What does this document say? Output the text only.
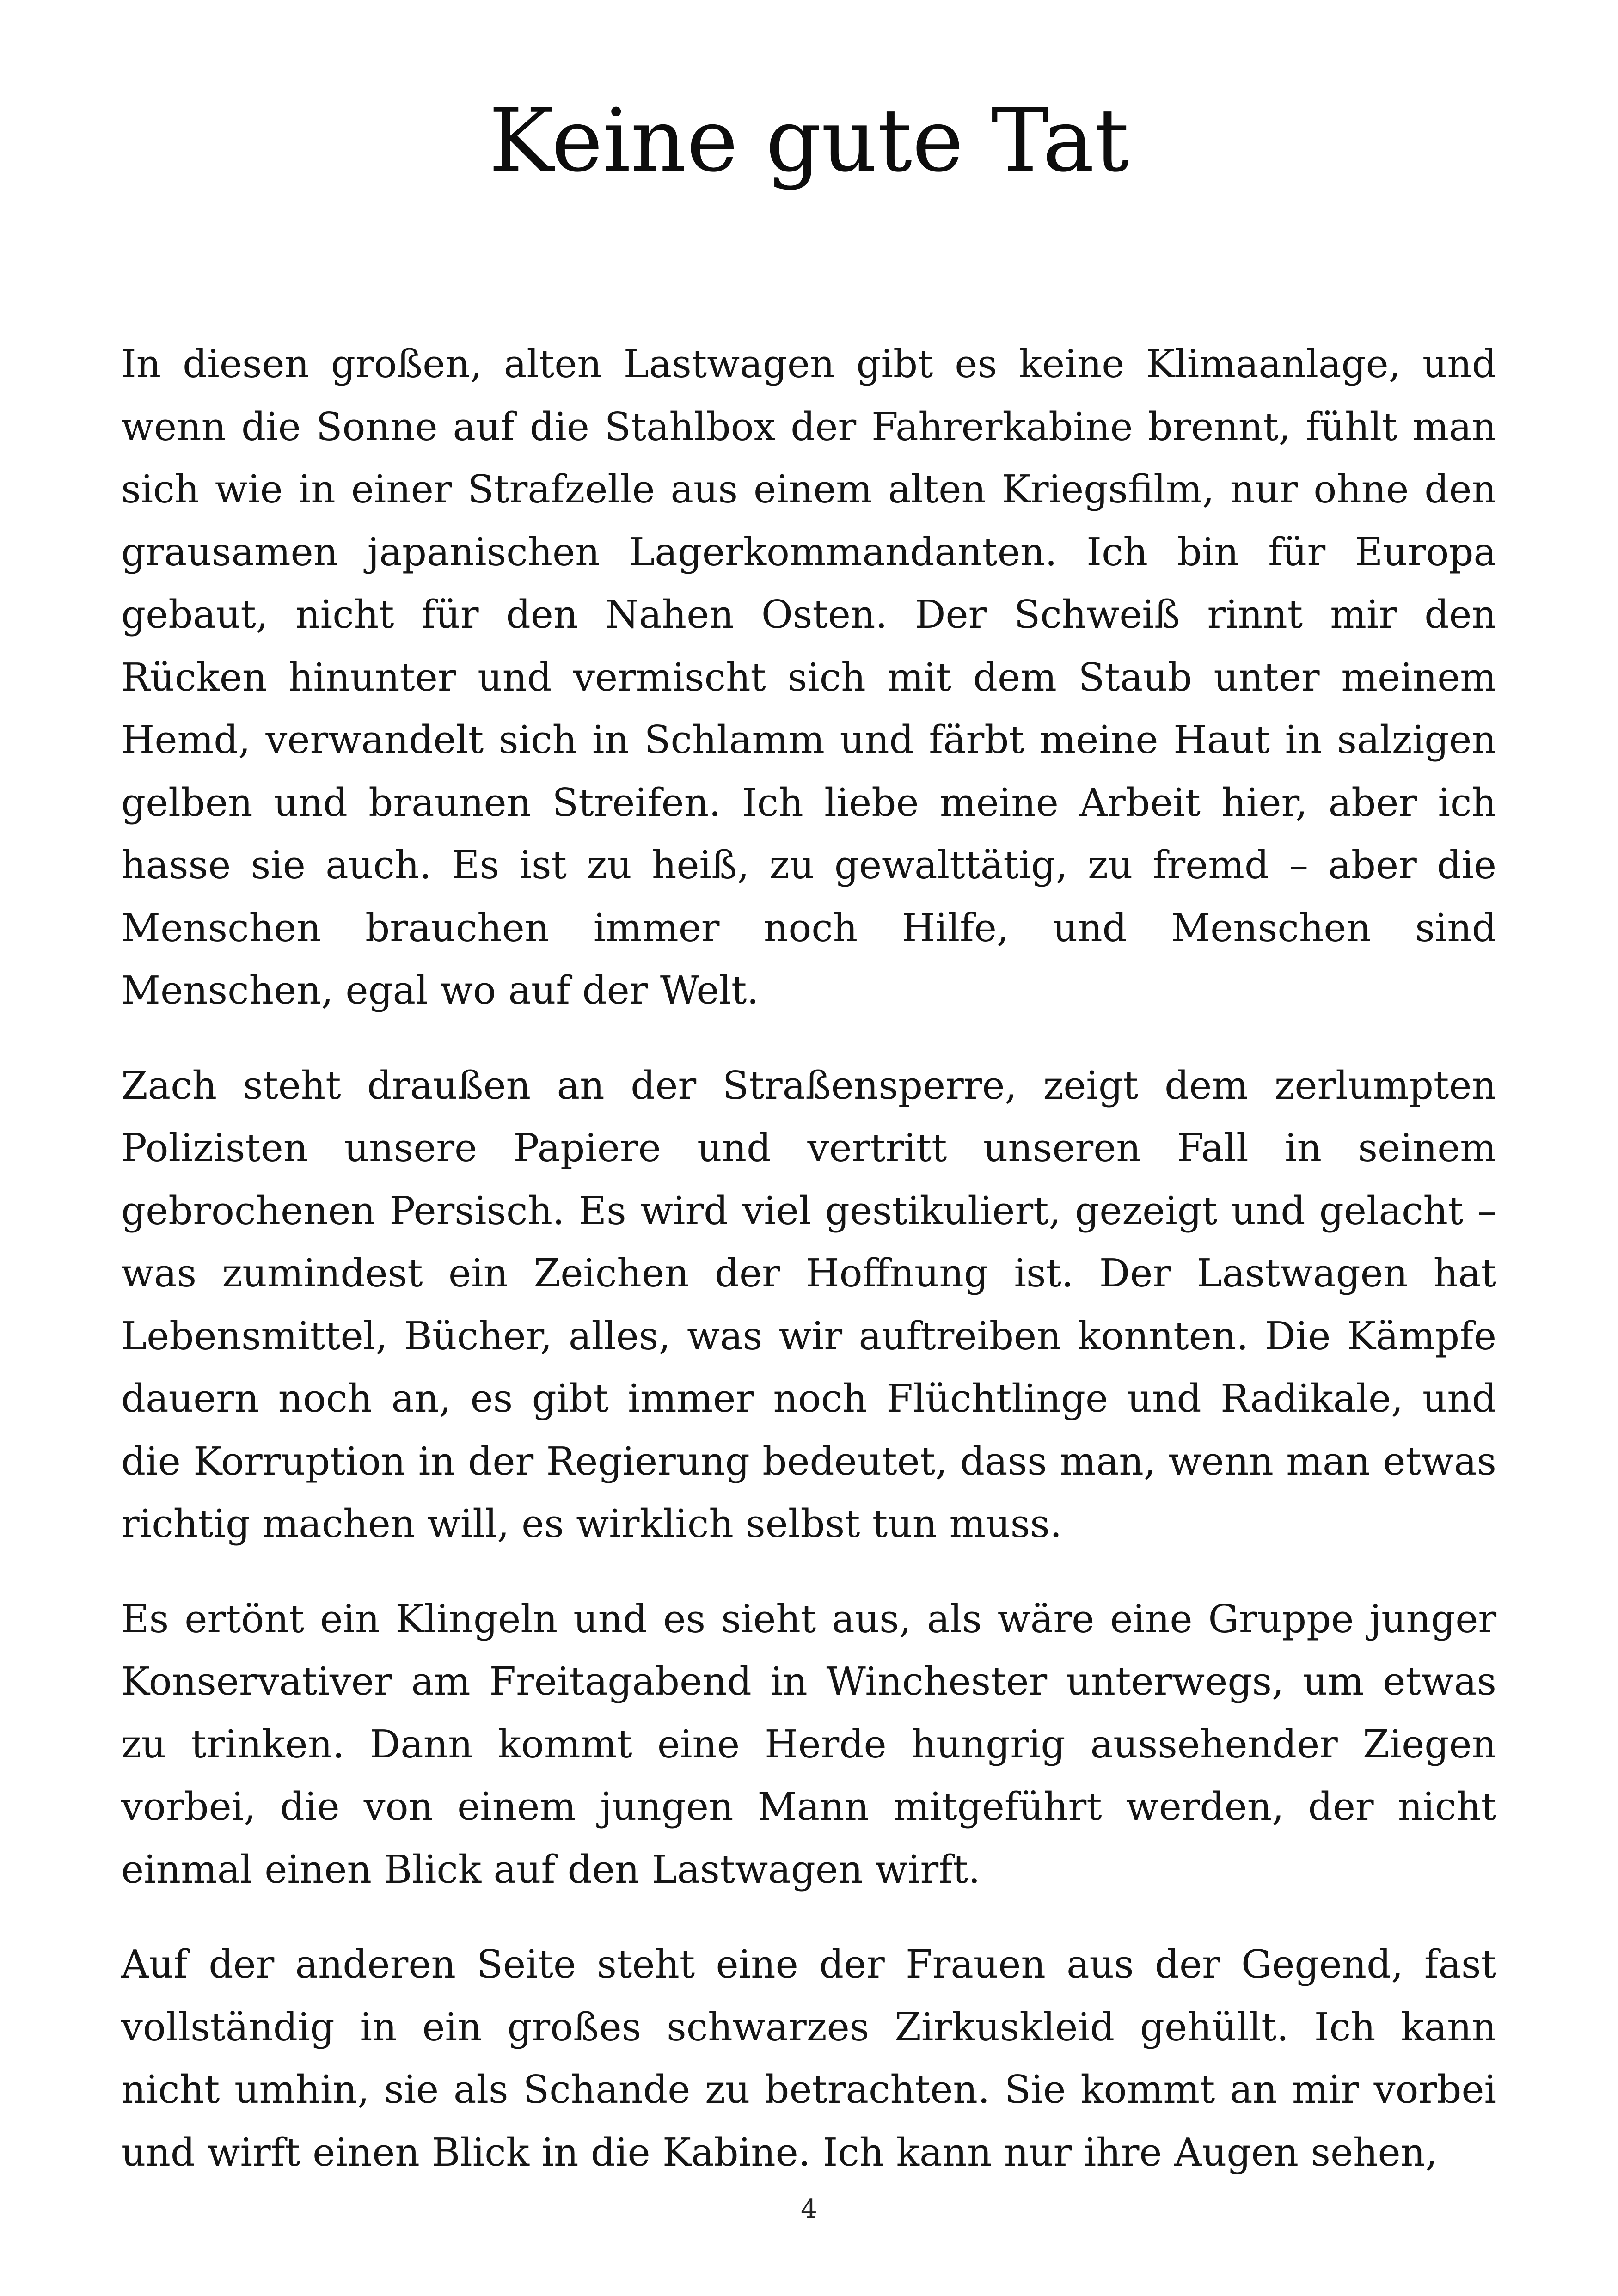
Keine gute Tat

In diesen großen, alten Lastwagen gibt es keine Klimaanlage, und wenn die Sonne auf die Stahlbox der Fahrerkabine brennt, fühlt man sich wie in einer Strafzelle aus einem alten Kriegsfilm, nur ohne den grausamen japanischen Lagerkommandanten. Ich bin für Europa gebaut, nicht für den Nahen Osten. Der Schweiß rinnt mir den Rücken hinunter und vermischt sich mit dem Staub unter meinem Hemd, verwandelt sich in Schlamm und färbt meine Haut in salzigen gelben und braunen Streifen. Ich liebe meine Arbeit hier, aber ich hasse sie auch. Es ist zu heiß, zu gewalttätig, zu fremd – aber die Menschen brauchen immer noch Hilfe, und Menschen sind Menschen, egal wo auf der Welt.

Zach steht draußen an der Straßensperre, zeigt dem zerlumpten Polizisten unsere Papiere und vertritt unseren Fall in seinem gebrochenen Persisch. Es wird viel gestikuliert, gezeigt und gelacht – was zumindest ein Zeichen der Hoffnung ist. Der Lastwagen hat Lebensmittel, Bücher, alles, was wir auftreiben konnten. Die Kämpfe dauern noch an, es gibt immer noch Flüchtlinge und Radikale, und die Korruption in der Regierung bedeutet, dass man, wenn man etwas richtig machen will, es wirklich selbst tun muss.

Es ertönt ein Klingeln und es sieht aus, als wäre eine Gruppe junger Konservativer am Freitagabend in Winchester unterwegs, um etwas zu trinken. Dann kommt eine Herde hungrig aussehender Ziegen vorbei, die von einem jungen Mann mitgeführt werden, der nicht einmal einen Blick auf den Lastwagen wirft.

Auf der anderen Seite steht eine der Frauen aus der Gegend, fast vollständig in ein großes schwarzes Zirkuskleid gehüllt. Ich kann nicht umhin, sie als Schande zu betrachten. Sie kommt an mir vorbei und wirft einen Blick in die Kabine. Ich kann nur ihre Augen sehen,

4
